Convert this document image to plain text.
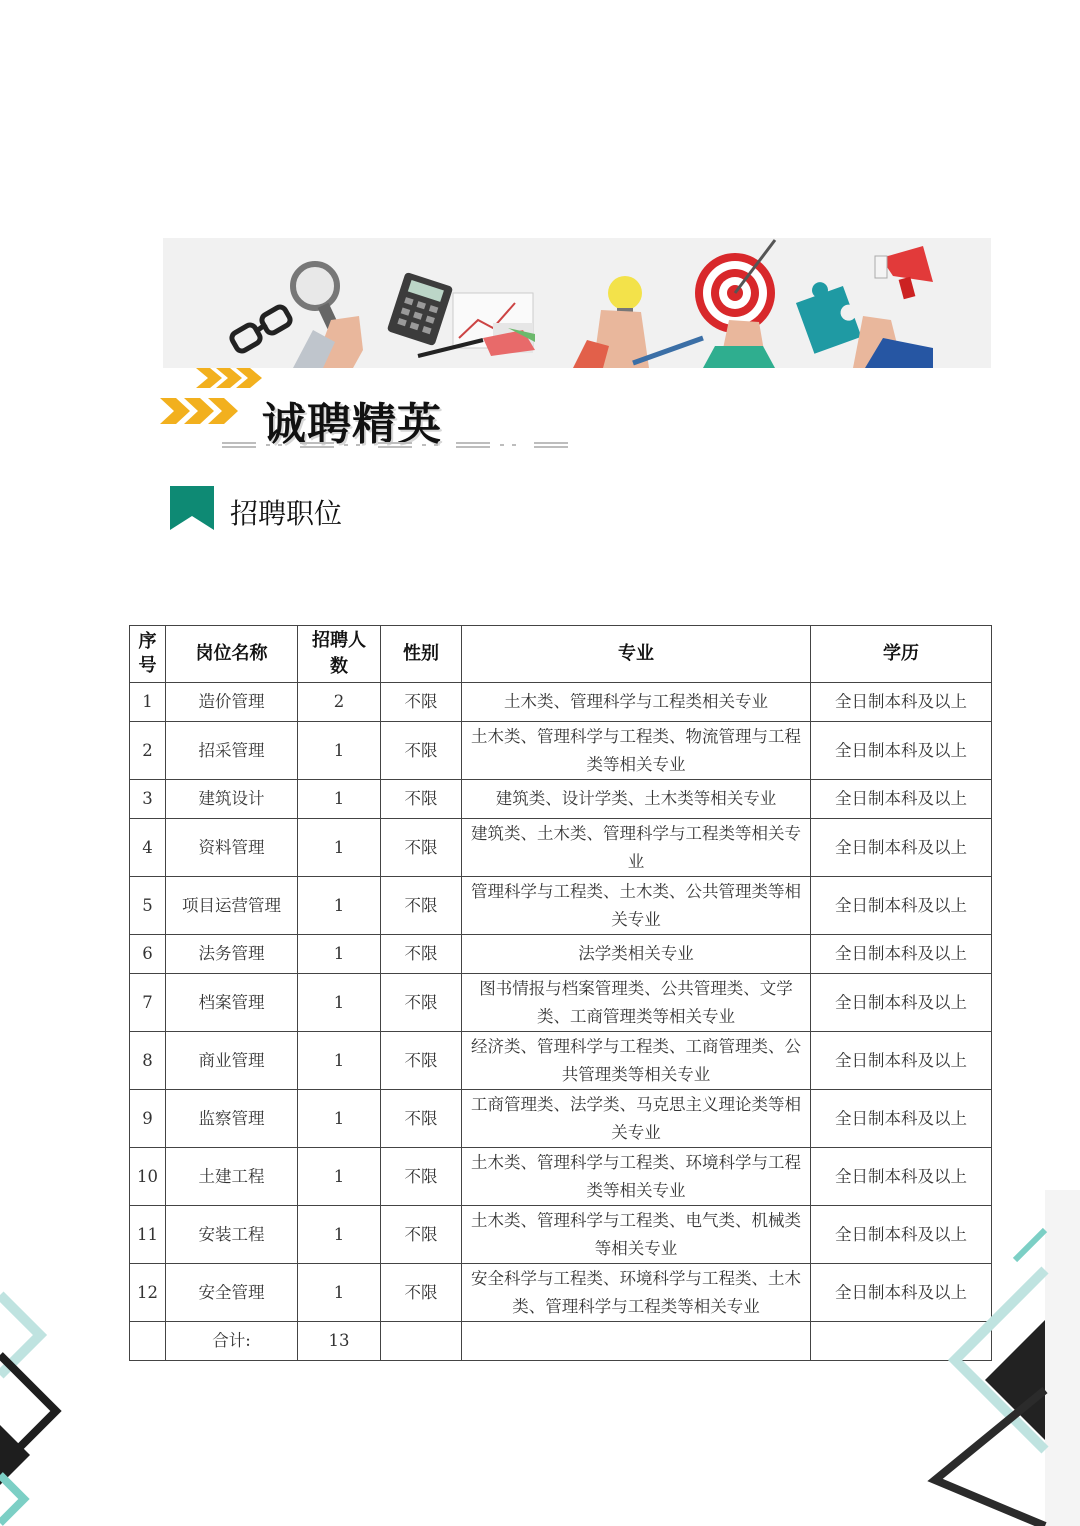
诚聘精英
招聘职位
序号	岗位名称	招聘人数	性别	专业	学历
1	造价管理	2	不限	土木类、管理科学与工程类相关专业	全日制本科及以上
2	招采管理	1	不限	土木类、管理科学与工程类、物流管理与工程类等相关专业	全日制本科及以上
3	建筑设计	1	不限	建筑类、设计学类、土木类等相关专业	全日制本科及以上
4	资料管理	1	不限	建筑类、土木类、管理科学与工程类等相关专业	全日制本科及以上
5	项目运营管理	1	不限	管理科学与工程类、土木类、公共管理类等相关专业	全日制本科及以上
6	法务管理	1	不限	法学类相关专业	全日制本科及以上
7	档案管理	1	不限	图书情报与档案管理类、公共管理类、文学类、工商管理类等相关专业	全日制本科及以上
8	商业管理	1	不限	经济类、管理科学与工程类、工商管理类、公共管理类等相关专业	全日制本科及以上
9	监察管理	1	不限	工商管理类、法学类、马克思主义理论类等相关专业	全日制本科及以上
10	土建工程	1	不限	土木类、管理科学与工程类、环境科学与工程类等相关专业	全日制本科及以上
11	安装工程	1	不限	土木类、管理科学与工程类、电气类、机械类等相关专业	全日制本科及以上
12	安全管理	1	不限	安全科学与工程类、环境科学与工程类、土木类、管理科学与工程类等相关专业	全日制本科及以上
	合计:	13			
